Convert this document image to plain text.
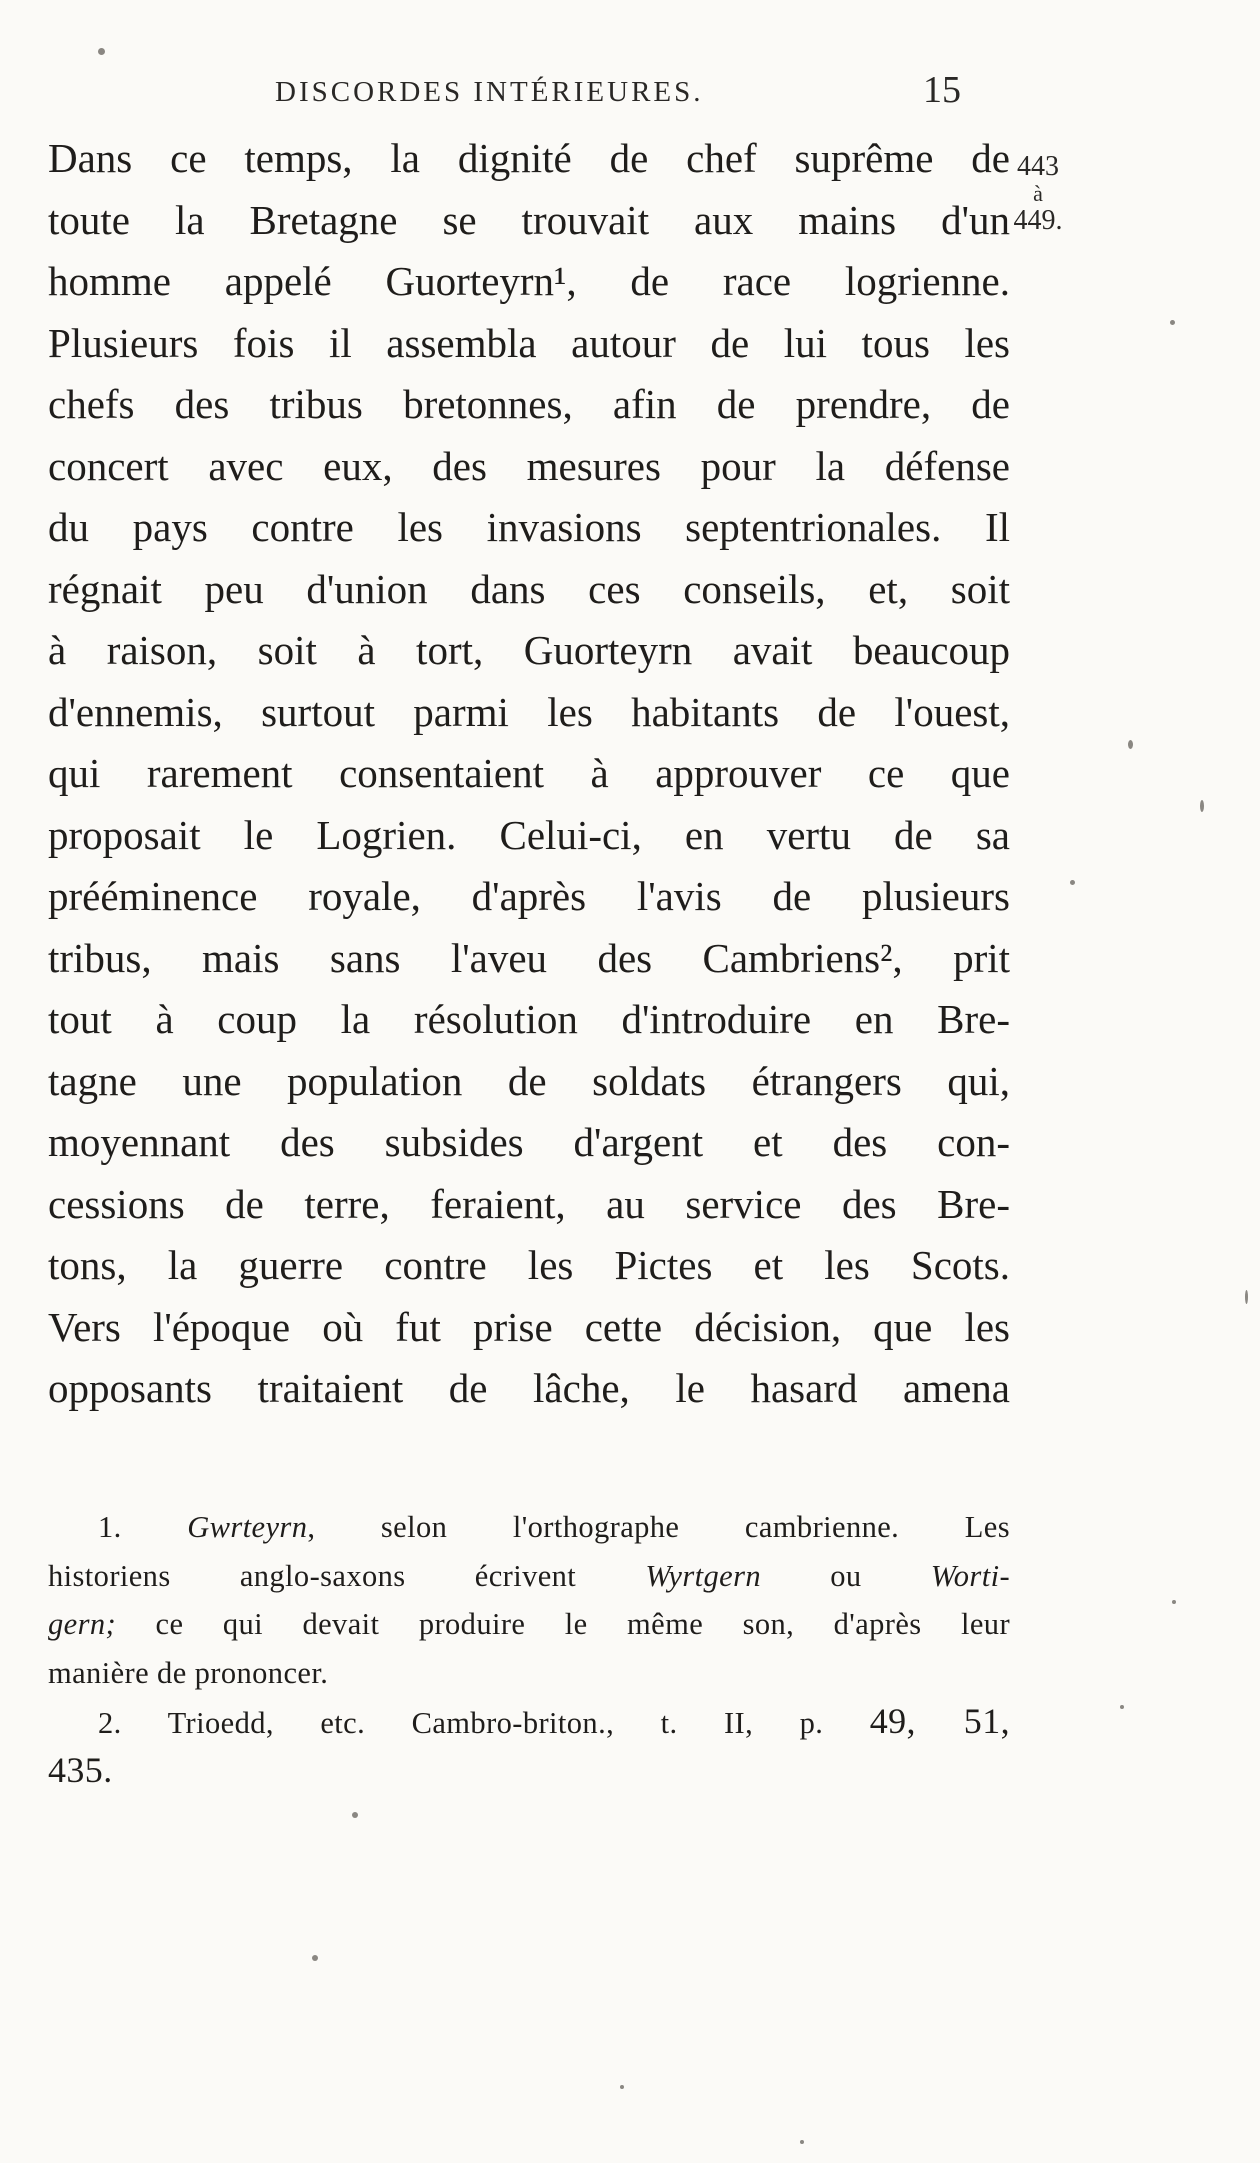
DISCORDES INTÉRIEURES.	15
443
à
449.
Dans ce temps, la dignité de chef suprême de
toute la Bretagne se trouvait aux mains d'un
homme appelé Guorteyrn¹, de race logrienne.
Plusieurs fois il assembla autour de lui tous les
chefs des tribus bretonnes, afin de prendre, de
concert avec eux, des mesures pour la défense
du pays contre les invasions septentrionales. Il
régnait peu d'union dans ces conseils, et, soit
à raison, soit à tort, Guorteyrn avait beaucoup
d'ennemis, surtout parmi les habitants de l'ouest,
qui rarement consentaient à approuver ce que
proposait le Logrien. Celui-ci, en vertu de sa
prééminence royale, d'après l'avis de plusieurs
tribus, mais sans l'aveu des Cambriens², prit
tout à coup la résolution d'introduire en Bre-
tagne une population de soldats étrangers qui,
moyennant des subsides d'argent et des con-
cessions de terre, feraient, au service des Bre-
tons, la guerre contre les Pictes et les Scots.
Vers l'époque où fut prise cette décision, que les
opposants traitaient de lâche, le hasard amena
1. Gwrteyrn, selon l'orthographe cambrienne. Les
historiens anglo-saxons écrivent Wyrtgern ou Worti-
gern; ce qui devait produire le même son, d'après leur
manière de prononcer.
2. Trioedd, etc. Cambro-briton., t. II, p. 49, 51,
435.
